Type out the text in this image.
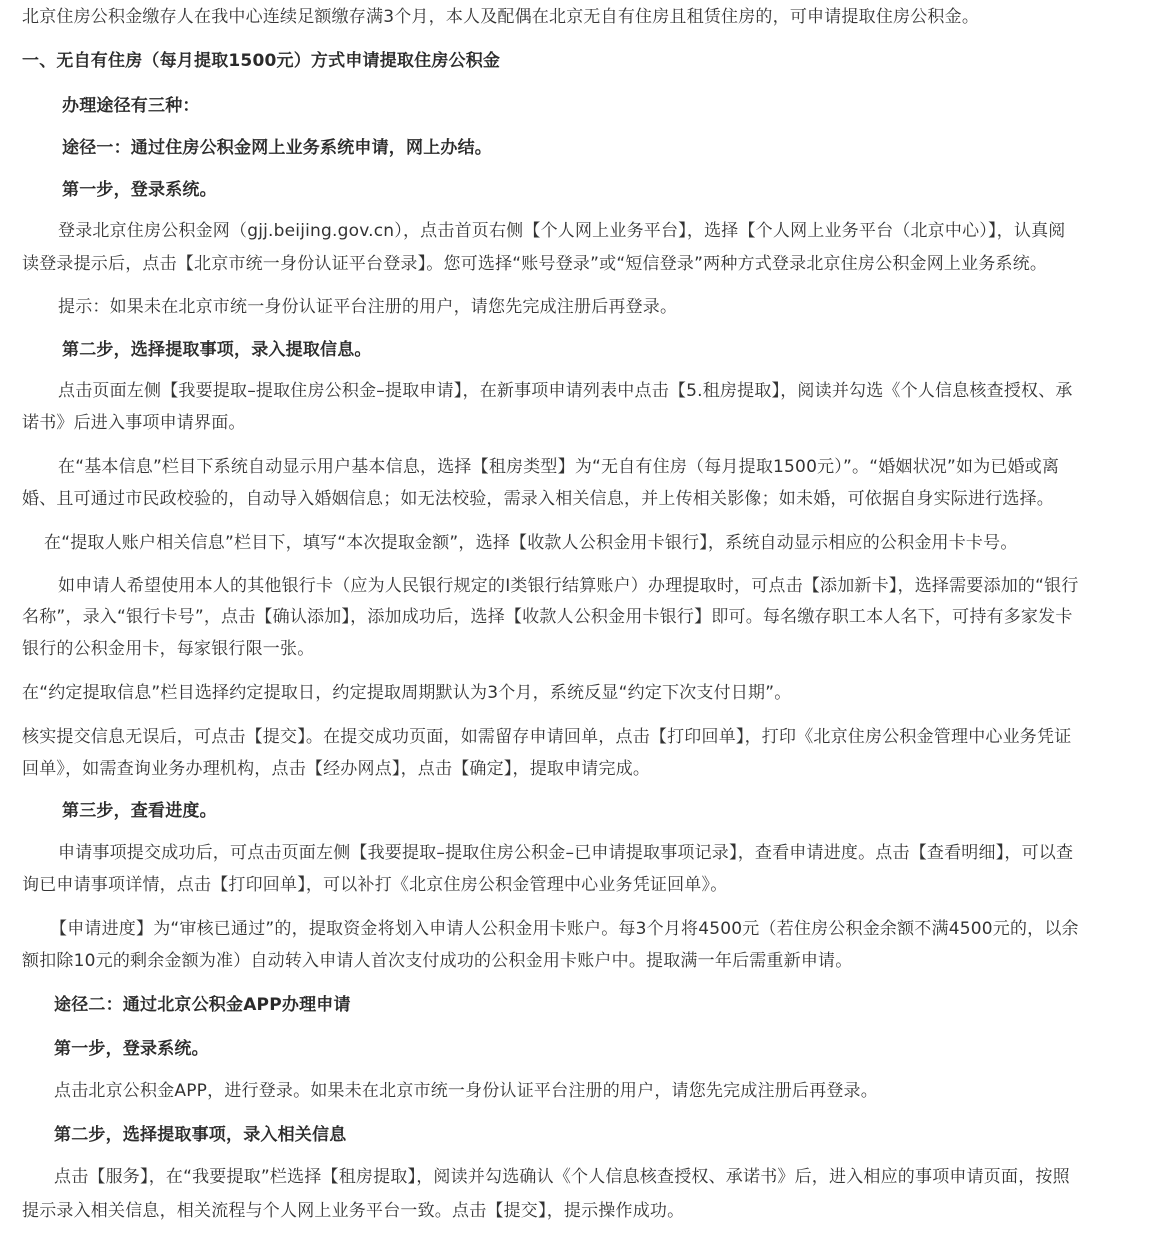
北京住房公积金缴存人在我中心连续足额缴存满3个月，本人及配偶在北京无自有住房且租赁住房的，可申请提取住房公积金。
一、无自有住房（每月提取1500元）方式申请提取住房公积金
办理途径有三种：
途径一：通过住房公积金网上业务系统申请，网上办结。
第一步，登录系统。
登录北京住房公积金网（gjj.beijing.gov.cn），点击首页右侧【个人网上业务平台】，选择【个人网上业务平台（北京中心）】，认真阅
读登录提示后，点击【北京市统一身份认证平台登录】。您可选择“账号登录”或“短信登录”两种方式登录北京住房公积金网上业务系统。
提示：如果未在北京市统一身份认证平台注册的用户，请您先完成注册后再登录。
第二步，选择提取事项，录入提取信息。
点击页面左侧【我要提取–提取住房公积金–提取申请】，在新事项申请列表中点击【5.租房提取】，阅读并勾选《个人信息核查授权、承
诺书》后进入事项申请界面。
在“基本信息”栏目下系统自动显示用户基本信息，选择【租房类型】为“无自有住房（每月提取1500元）”。“婚姻状况”如为已婚或离
婚、且可通过市民政校验的，自动导入婚姻信息；如无法校验，需录入相关信息，并上传相关影像；如未婚，可依据自身实际进行选择。
在“提取人账户相关信息”栏目下，填写“本次提取金额”，选择【收款人公积金用卡银行】，系统自动显示相应的公积金用卡卡号。
如申请人希望使用本人的其他银行卡（应为人民银行规定的I类银行结算账户）办理提取时，可点击【添加新卡】，选择需要添加的“银行
名称”，录入“银行卡号”，点击【确认添加】，添加成功后，选择【收款人公积金用卡银行】即可。每名缴存职工本人名下，可持有多家发卡
银行的公积金用卡，每家银行限一张。
在“约定提取信息”栏目选择约定提取日，约定提取周期默认为3个月，系统反显“约定下次支付日期”。
核实提交信息无误后，可点击【提交】。在提交成功页面，如需留存申请回单，点击【打印回单】，打印《北京住房公积金管理中心业务凭证
回单》，如需查询业务办理机构，点击【经办网点】，点击【确定】，提取申请完成。
第三步，查看进度。
申请事项提交成功后，可点击页面左侧【我要提取–提取住房公积金–已申请提取事项记录】，查看申请进度。点击【查看明细】，可以查
询已申请事项详情，点击【打印回单】，可以补打《北京住房公积金管理中心业务凭证回单》。
【申请进度】为“审核已通过”的，提取资金将划入申请人公积金用卡账户。每3个月将4500元（若住房公积金余额不满4500元的，以余
额扣除10元的剩余金额为准）自动转入申请人首次支付成功的公积金用卡账户中。提取满一年后需重新申请。
途径二：通过北京公积金APP办理申请
第一步，登录系统。
点击北京公积金APP，进行登录。如果未在北京市统一身份认证平台注册的用户，请您先完成注册后再登录。
第二步，选择提取事项，录入相关信息
点击【服务】，在“我要提取”栏选择【租房提取】，阅读并勾选确认《个人信息核查授权、承诺书》后，进入相应的事项申请页面，按照
提示录入相关信息，相关流程与个人网上业务平台一致。点击【提交】，提示操作成功。
